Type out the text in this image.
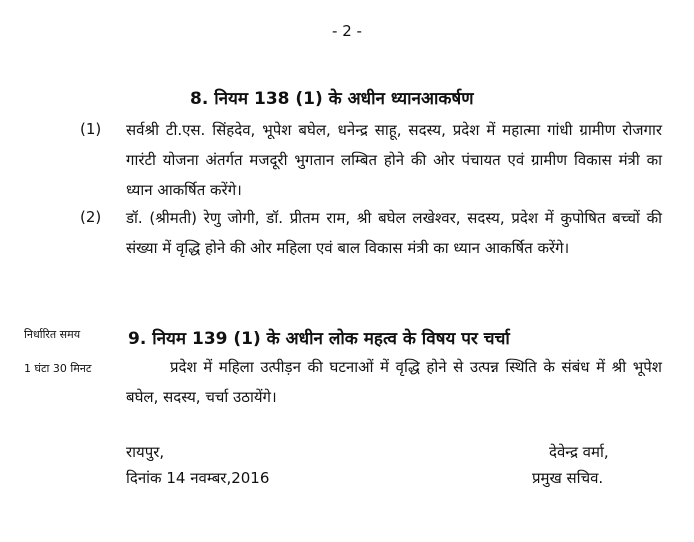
- 2 -
8. नियम 138 (1) के अधीन ध्यानआकर्षण
(1) सर्वश्री टी.एस. सिंहदेव, भूपेश बघेल, धनेन्द्र साहू, सदस्य, प्रदेश में महात्मा गांधी ग्रामीण रोजगार गारंटी योजना अंतर्गत मजदूरी भुगतान लम्बित होने की ओर पंचायत एवं ग्रामीण विकास मंत्री का ध्यान आकर्षित करेंगे।
(2) डॉ. (श्रीमती) रेणु जोगी, डॉ. प्रीतम राम, श्री बघेल लखेश्वर, सदस्य, प्रदेश में कुपोषित बच्चों की संख्या में वृद्धि होने की ओर महिला एवं बाल विकास मंत्री का ध्यान आकर्षित करेंगे।
निर्धारित समय
1 घंटा 30 मिनट
9. नियम 139 (1) के अधीन लोक महत्व के विषय पर चर्चा
प्रदेश में महिला उत्पीड़न की घटनाओं में वृद्धि होने से उत्पन्न स्थिति के संबंध में श्री भूपेश बघेल, सदस्य, चर्चा उठायेंगे।
रायपुर,
दिनांक 14 नवम्बर,2016
देवेन्द्र वर्मा,
प्रमुख सचिव.
